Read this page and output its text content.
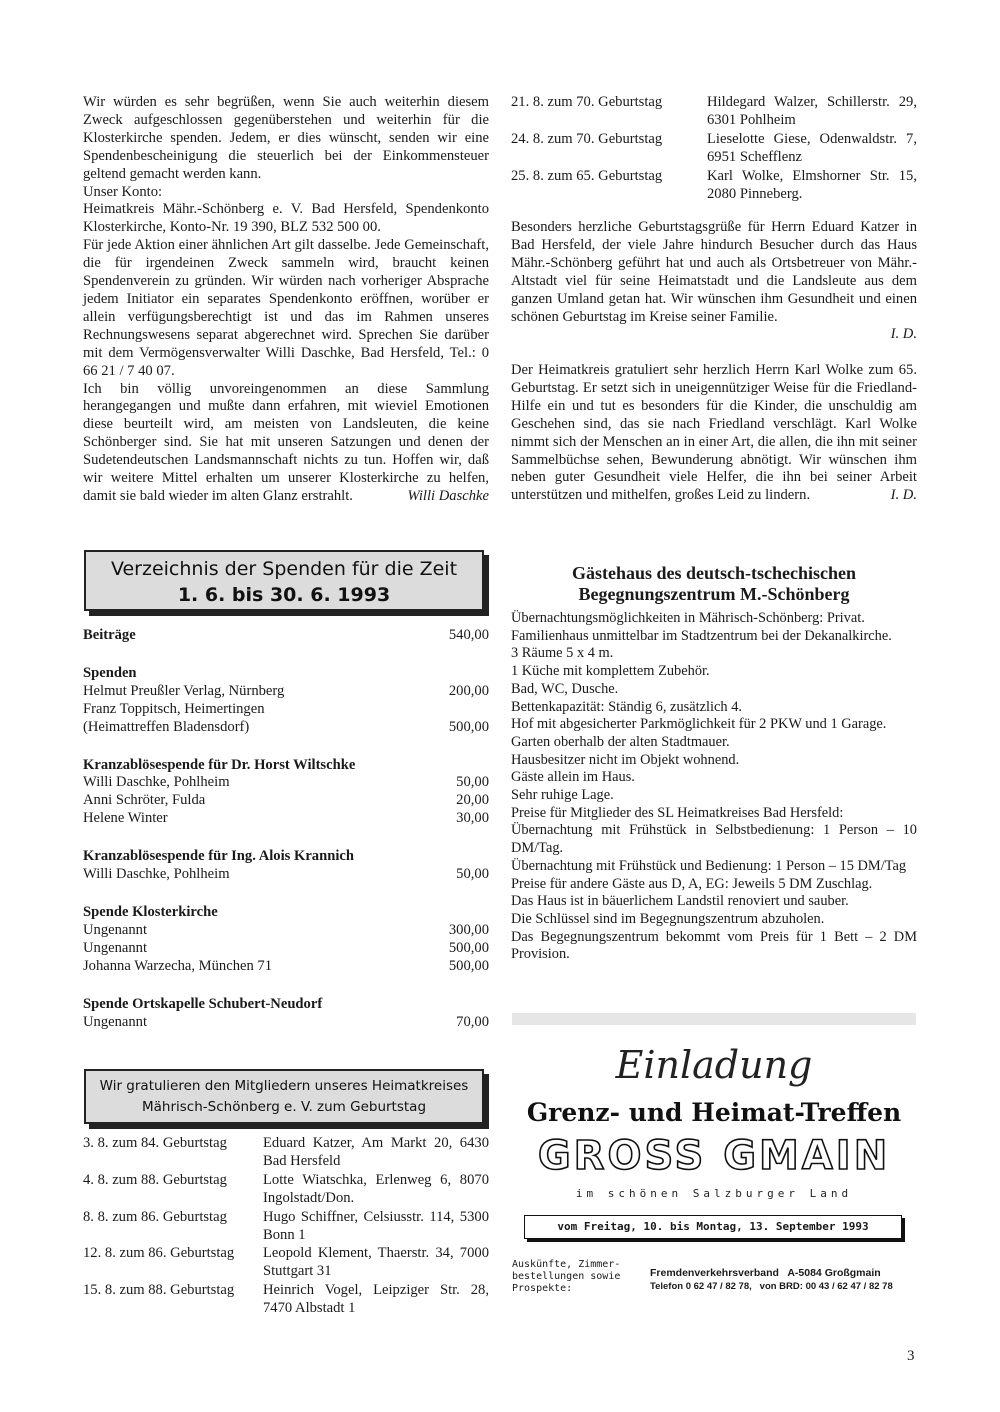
Wir würden es sehr begrüßen, wenn Sie auch weiterhin diesem Zweck aufgeschlossen gegenüberstehen und weiterhin für die Klosterkirche spenden. Jedem, er dies wünscht, senden wir eine Spendenbescheinigung die steuerlich bei der Einkommensteuer geltend gemacht werden kann.

Unser Konto:

Heimatkreis Mähr.-Schönberg e. V. Bad Hersfeld, Spendenkonto Klosterkirche, Konto-Nr. 19 390, BLZ 532 500 00.

Für jede Aktion einer ähnlichen Art gilt dasselbe. Jede Gemeinschaft, die für irgendeinen Zweck sammeln wird, braucht keinen Spendenverein zu gründen. Wir würden nach vorheriger Absprache jedem Initiator ein separates Spendenkonto eröffnen, worüber er allein verfügungsberechtigt ist und das im Rahmen unseres Rechnungswesens separat abgerechnet wird. Sprechen Sie darüber mit dem Vermögensverwalter Willi Daschke, Bad Hersfeld, Tel.: 0 66 21 / 7 40 07.

Ich bin völlig unvoreingenommen an diese Sammlung herangegangen und mußte dann erfahren, mit wieviel Emotionen diese beurteilt wird, am meisten von Landsleuten, die keine Schönberger sind. Sie hat mit unseren Satzungen und denen der Sudetendeutschen Landsmannschaft nichts zu tun. Hoffen wir, daß wir weitere Mittel erhalten um unserer Klosterkirche zu helfen, damit sie bald wieder im alten Glanz erstrahlt.	Willi Daschke

Verzeichnis der Spenden für die Zeit
1. 6. bis 30. 6. 1993
Beiträge	540,00
Spenden
Helmut Preußler Verlag, Nürnberg	200,00
Franz Toppitsch, Heimertingen
(Heimattreffen Bladensdorf)	500,00
Kranzablösespende für Dr. Horst Wiltschke
Willi Daschke, Pohlheim	50,00
Anni Schröter, Fulda	20,00
Helene Winter	30,00
Kranzablösespende für Ing. Alois Krannich
Willi Daschke, Pohlheim	50,00
Spende Klosterkirche
Ungenannt	300,00
Ungenannt	500,00
Johanna Warzecha, München 71	500,00
Spende Ortskapelle Schubert-Neudorf
Ungenannt	70,00
Wir gratulieren den Mitgliedern unseres Heimatkreises
Mährisch-Schönberg e. V. zum Geburtstag
3. 8. zum 84. Geburtstag	Eduard Katzer, Am Markt 20, 6430 Bad Hersfeld
4. 8. zum 88. Geburtstag	Lotte Wiatschka, Erlenweg 6, 8070 Ingolstadt/Don.
8. 8. zum 86. Geburtstag	Hugo Schiffner, Celsiusstr. 114, 5300 Bonn 1
12. 8. zum 86. Geburtstag	Leopold Klement, Thaerstr. 34, 7000 Stuttgart 31
15. 8. zum 88. Geburtstag	Heinrich Vogel, Leipziger Str. 28, 7470 Albstadt 1
21. 8. zum 70. Geburtstag	Hildegard Walzer, Schillerstr. 29, 6301 Pohlheim
24. 8. zum 70. Geburtstag	Lieselotte Giese, Odenwaldstr. 7, 6951 Schefflenz
25. 8. zum 65. Geburtstag	Karl Wolke, Elmshorner Str. 15, 2080 Pinneberg.
Besonders herzliche Geburtstagsgrüße für Herrn Eduard Katzer in Bad Hersfeld, der viele Jahre hindurch Besucher durch das Haus Mähr.-Schönberg geführt hat und auch als Ortsbetreuer von Mähr.-Altstadt viel für seine Heimatstadt und die Landsleute aus dem ganzen Umland getan hat. Wir wünschen ihm Gesundheit und einen schönen Geburtstag im Kreise seiner Familie.
I. D.
Der Heimatkreis gratuliert sehr herzlich Herrn Karl Wolke zum 65. Geburtstag. Er setzt sich in uneigennütziger Weise für die Friedland-Hilfe ein und tut es besonders für die Kinder, die unschuldig am Geschehen sind, das sie nach Friedland verschlägt. Karl Wolke nimmt sich der Menschen an in einer Art, die allen, die ihn mit seiner Sammelbüchse sehen, Bewunderung abnötigt. Wir wünschen ihm neben guter Gesundheit viele Helfer, die ihn bei seiner Arbeit unterstützen und mithelfen, großes Leid zu lindern.	I. D.
Gästehaus des deutsch-tschechischen
Begegnungszentrum M.-Schönberg
Übernachtungsmöglichkeiten in Mährisch-Schönberg: Privat.
Familienhaus unmittelbar im Stadtzentrum bei der Dekanalkirche.
3 Räume 5 x 4 m.
1 Küche mit komplettem Zubehör.
Bad, WC, Dusche.
Bettenkapazität: Ständig 6, zusätzlich 4.
Hof mit abgesicherter Parkmöglichkeit für 2 PKW und 1 Garage.
Garten oberhalb der alten Stadtmauer.
Hausbesitzer nicht im Objekt wohnend.
Gäste allein im Haus.
Sehr ruhige Lage.
Preise für Mitglieder des SL Heimatkreises Bad Hersfeld:
Übernachtung mit Frühstück in Selbstbedienung: 1 Person – 10 DM/Tag.
Übernachtung mit Frühstück und Bedienung: 1 Person – 15 DM/Tag
Preise für andere Gäste aus D, A, EG: Jeweils 5 DM Zuschlag.
Das Haus ist in bäuerlichem Landstil renoviert und sauber.
Die Schlüssel sind im Begegnungszentrum abzuholen.
Das Begegnungszentrum bekommt vom Preis für 1 Bett – 2 DM Provision.
Einladung
Grenz- und Heimat-Treffen
GROSS GMAIN
im schönen Salzburger Land
vom Freitag, 10. bis Montag, 13. September 1993
Auskünfte, Zimmer-
bestellungen sowie
Prospekte:
Fremdenverkehrsverband   A-5084 Großgmain
Telefon 0 62 47 / 82 78,   von BRD: 00 43 / 62 47 / 82 78
3
